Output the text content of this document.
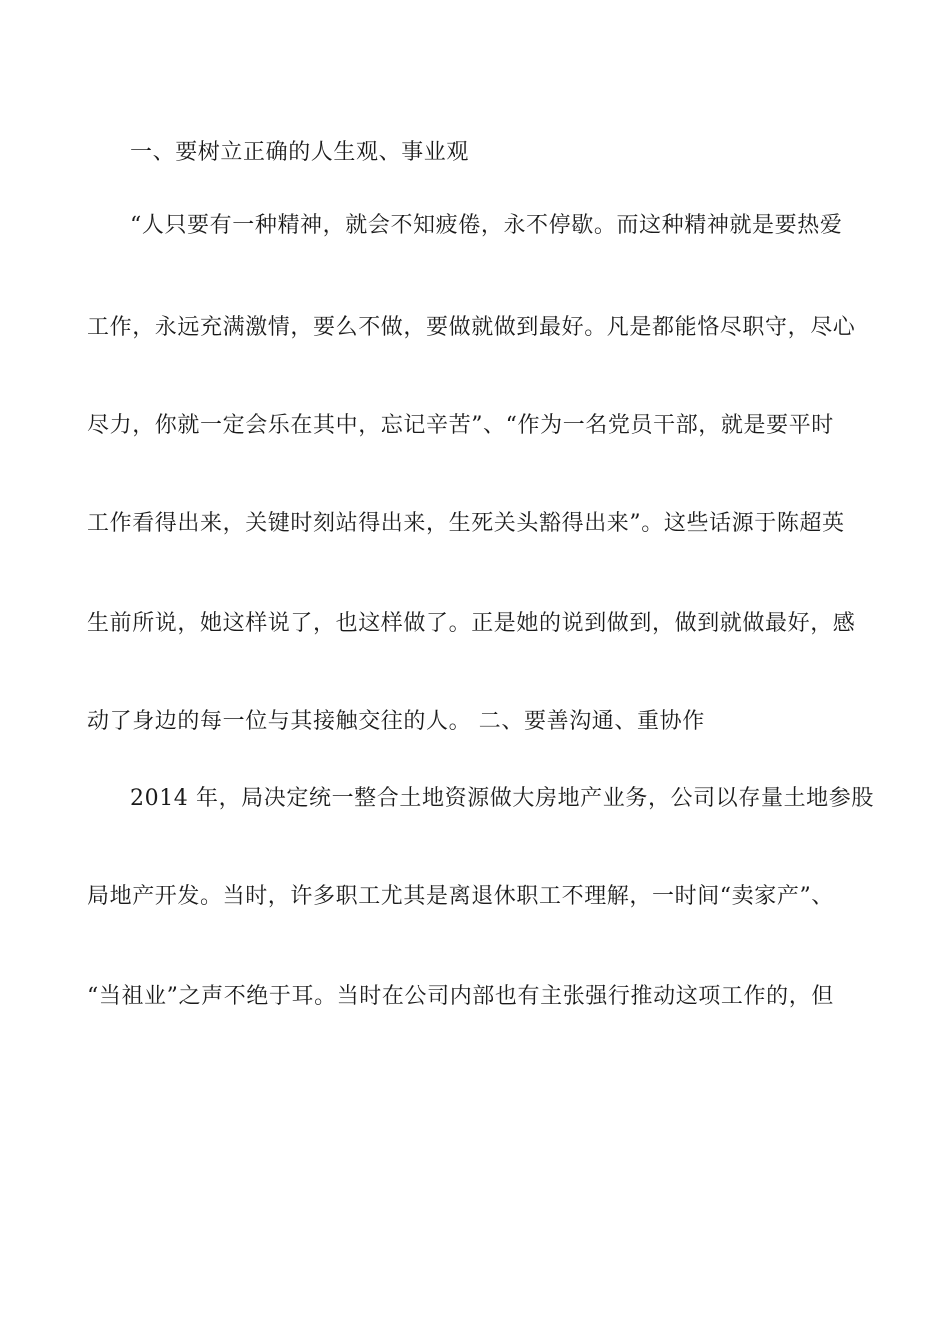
一、要树立正确的人生观、事业观
“人只要有一种精神，就会不知疲倦，永不停歇。而这种精神就是要热爱
工作，永远充满激情，要么不做，要做就做到最好。凡是都能恪尽职守，尽心
尽力，你就一定会乐在其中，忘记辛苦”、“作为一名党员干部，就是要平时
工作看得出来，关键时刻站得出来，生死关头豁得出来”。这些话源于陈超英
生前所说，她这样说了，也这样做了。正是她的说到做到，做到就做最好，感
动了身边的每一位与其接触交往的人。 二、要善沟通、重协作
2014 年，局决定统一整合土地资源做大房地产业务，公司以存量土地参股
局地产开发。当时，许多职工尤其是离退休职工不理解，一时间“卖家产”、
“当祖业”之声不绝于耳。当时在公司内部也有主张强行推动这项工作的，但
